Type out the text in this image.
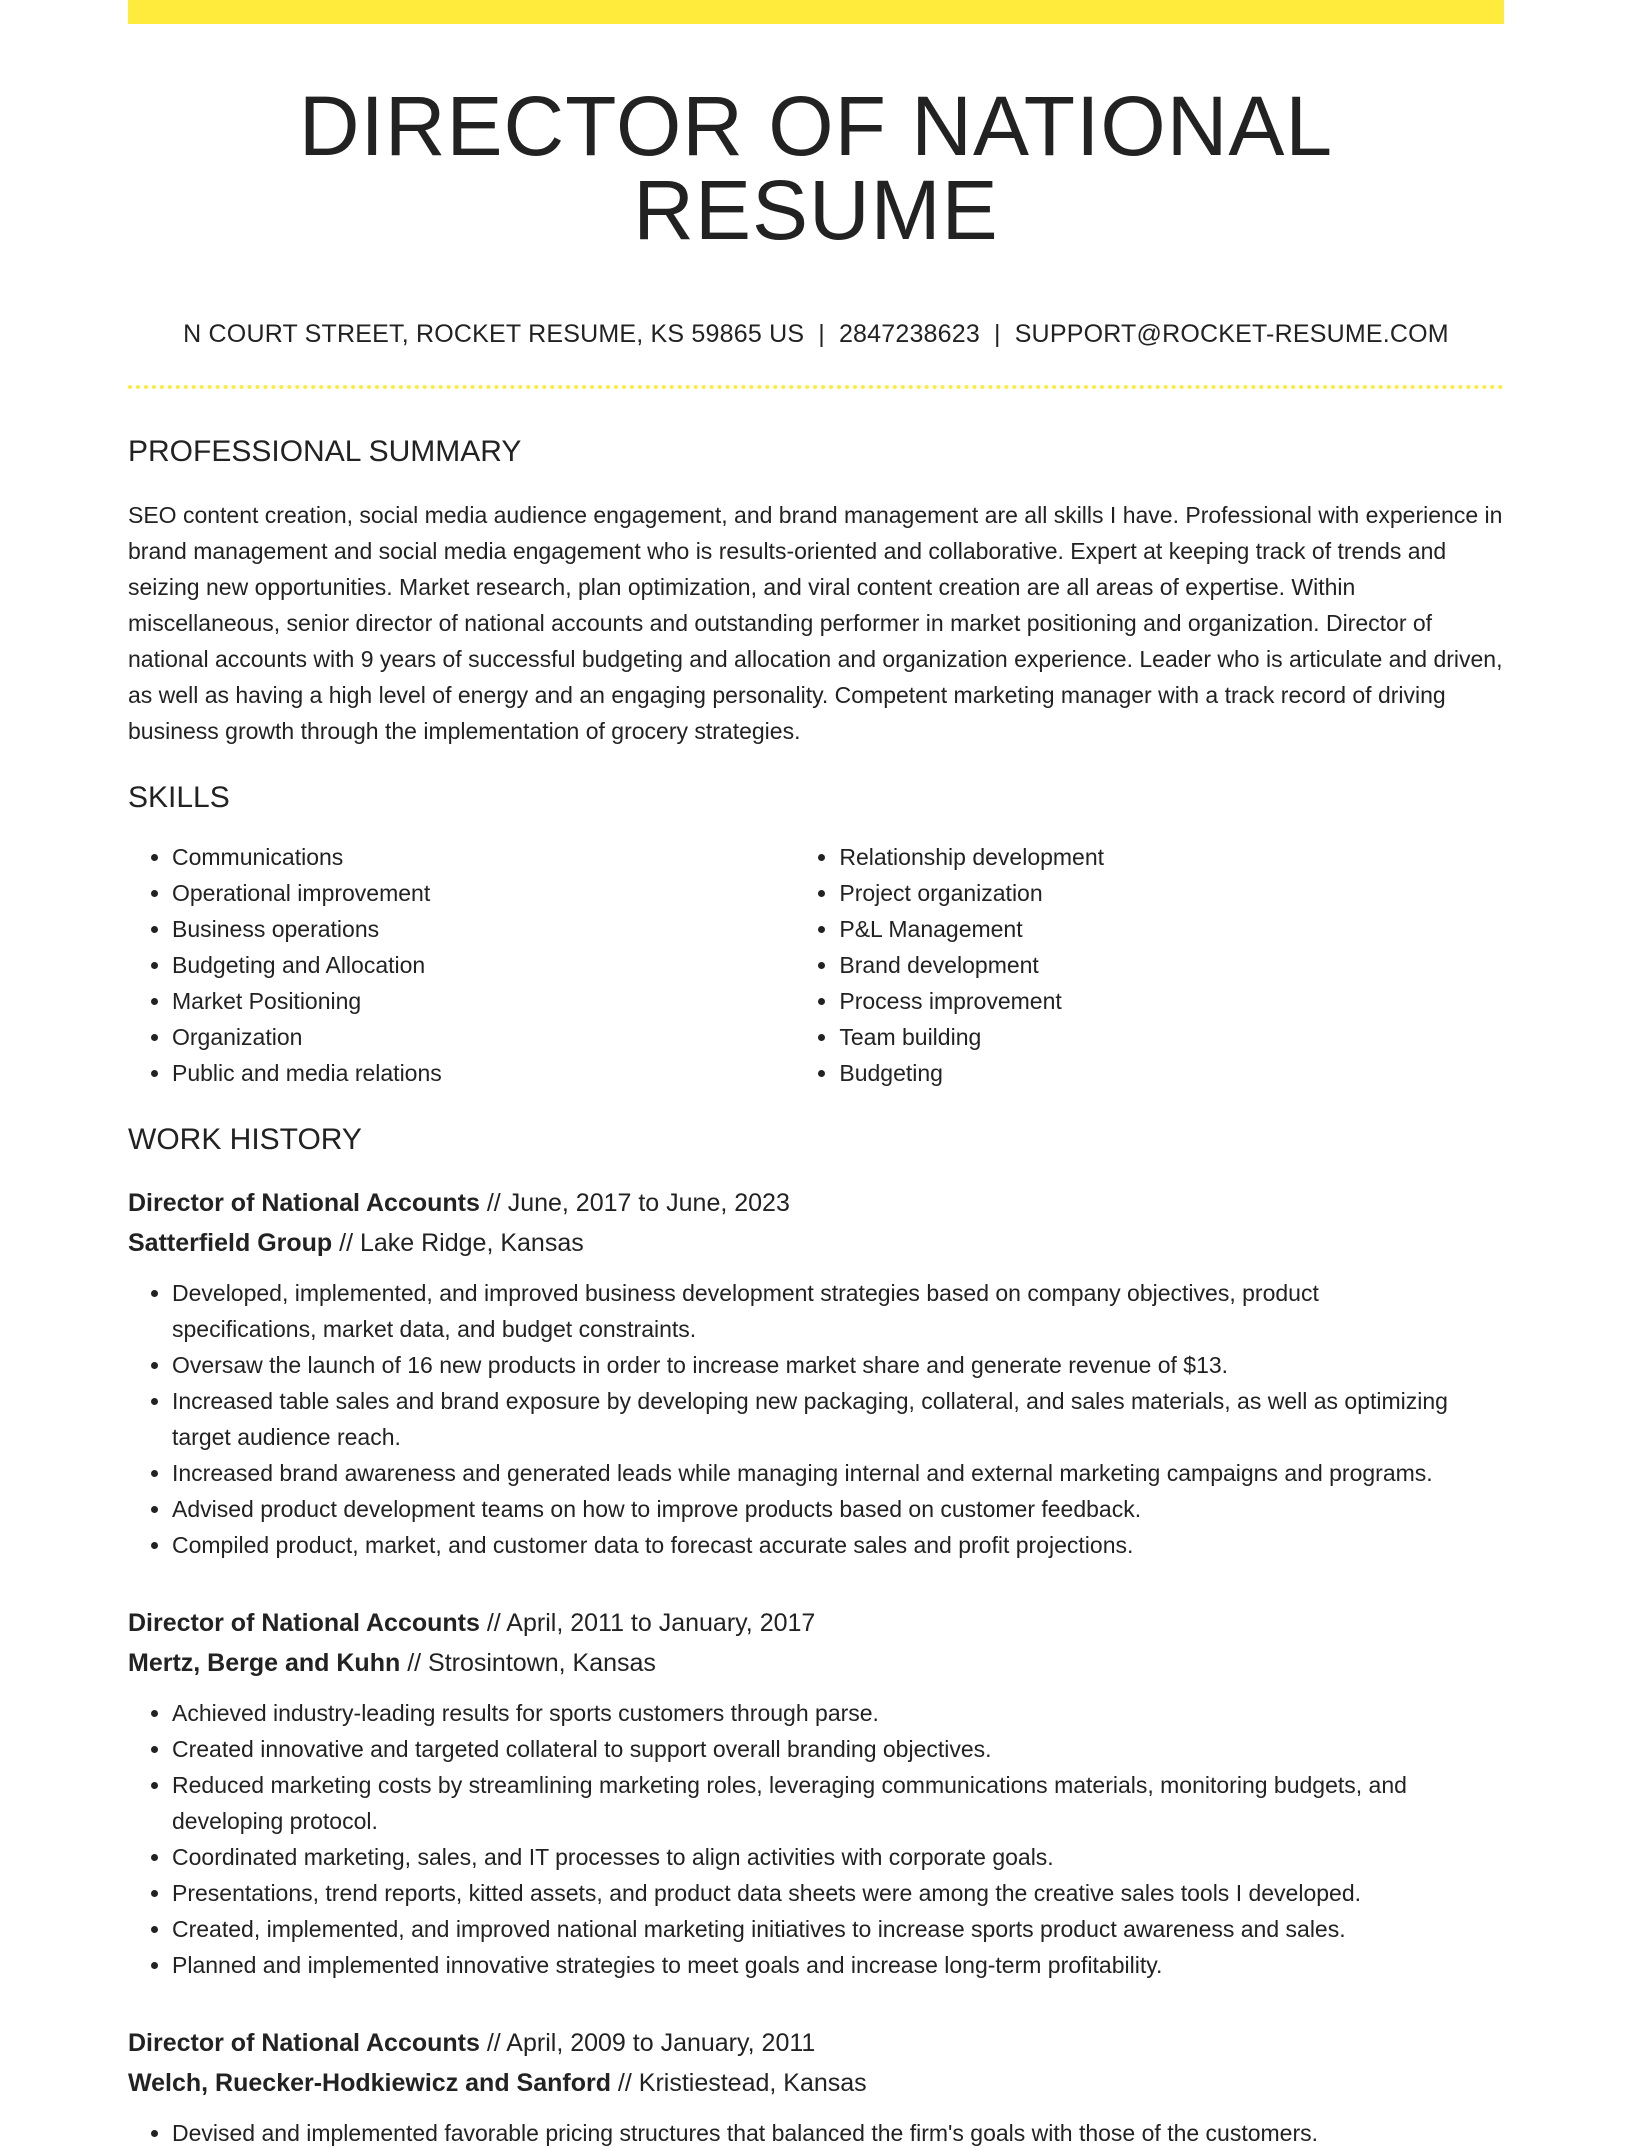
DIRECTOR OF NATIONAL RESUME
N COURT STREET, ROCKET RESUME, KS 59865 US | 2847238623 | SUPPORT@ROCKET-RESUME.COM
PROFESSIONAL SUMMARY
SEO content creation, social media audience engagement, and brand management are all skills I have. Professional with experience in brand management and social media engagement who is results-oriented and collaborative. Expert at keeping track of trends and seizing new opportunities. Market research, plan optimization, and viral content creation are all areas of expertise. Within miscellaneous, senior director of national accounts and outstanding performer in market positioning and organization. Director of national accounts with 9 years of successful budgeting and allocation and organization experience. Leader who is articulate and driven, as well as having a high level of energy and an engaging personality. Competent marketing manager with a track record of driving business growth through the implementation of grocery strategies.
SKILLS
• Communications
• Operational improvement
• Business operations
• Budgeting and Allocation
• Market Positioning
• Organization
• Public and media relations
• Relationship development
• Project organization
• P&L Management
• Brand development
• Process improvement
• Team building
• Budgeting
WORK HISTORY
Director of National Accounts // June, 2017 to June, 2023
Satterfield Group // Lake Ridge, Kansas
• Developed, implemented, and improved business development strategies based on company objectives, product specifications, market data, and budget constraints.
• Oversaw the launch of 16 new products in order to increase market share and generate revenue of $13.
• Increased table sales and brand exposure by developing new packaging, collateral, and sales materials, as well as optimizing target audience reach.
• Increased brand awareness and generated leads while managing internal and external marketing campaigns and programs.
• Advised product development teams on how to improve products based on customer feedback.
• Compiled product, market, and customer data to forecast accurate sales and profit projections.
Director of National Accounts // April, 2011 to January, 2017
Mertz, Berge and Kuhn // Strosintown, Kansas
• Achieved industry-leading results for sports customers through parse.
• Created innovative and targeted collateral to support overall branding objectives.
• Reduced marketing costs by streamlining marketing roles, leveraging communications materials, monitoring budgets, and developing protocol.
• Coordinated marketing, sales, and IT processes to align activities with corporate goals.
• Presentations, trend reports, kitted assets, and product data sheets were among the creative sales tools I developed.
• Created, implemented, and improved national marketing initiatives to increase sports product awareness and sales.
• Planned and implemented innovative strategies to meet goals and increase long-term profitability.
Director of National Accounts // April, 2009 to January, 2011
Welch, Ruecker-Hodkiewicz and Sanford // Kristiestead, Kansas
• Devised and implemented favorable pricing structures that balanced the firm's goals with those of the customers.
